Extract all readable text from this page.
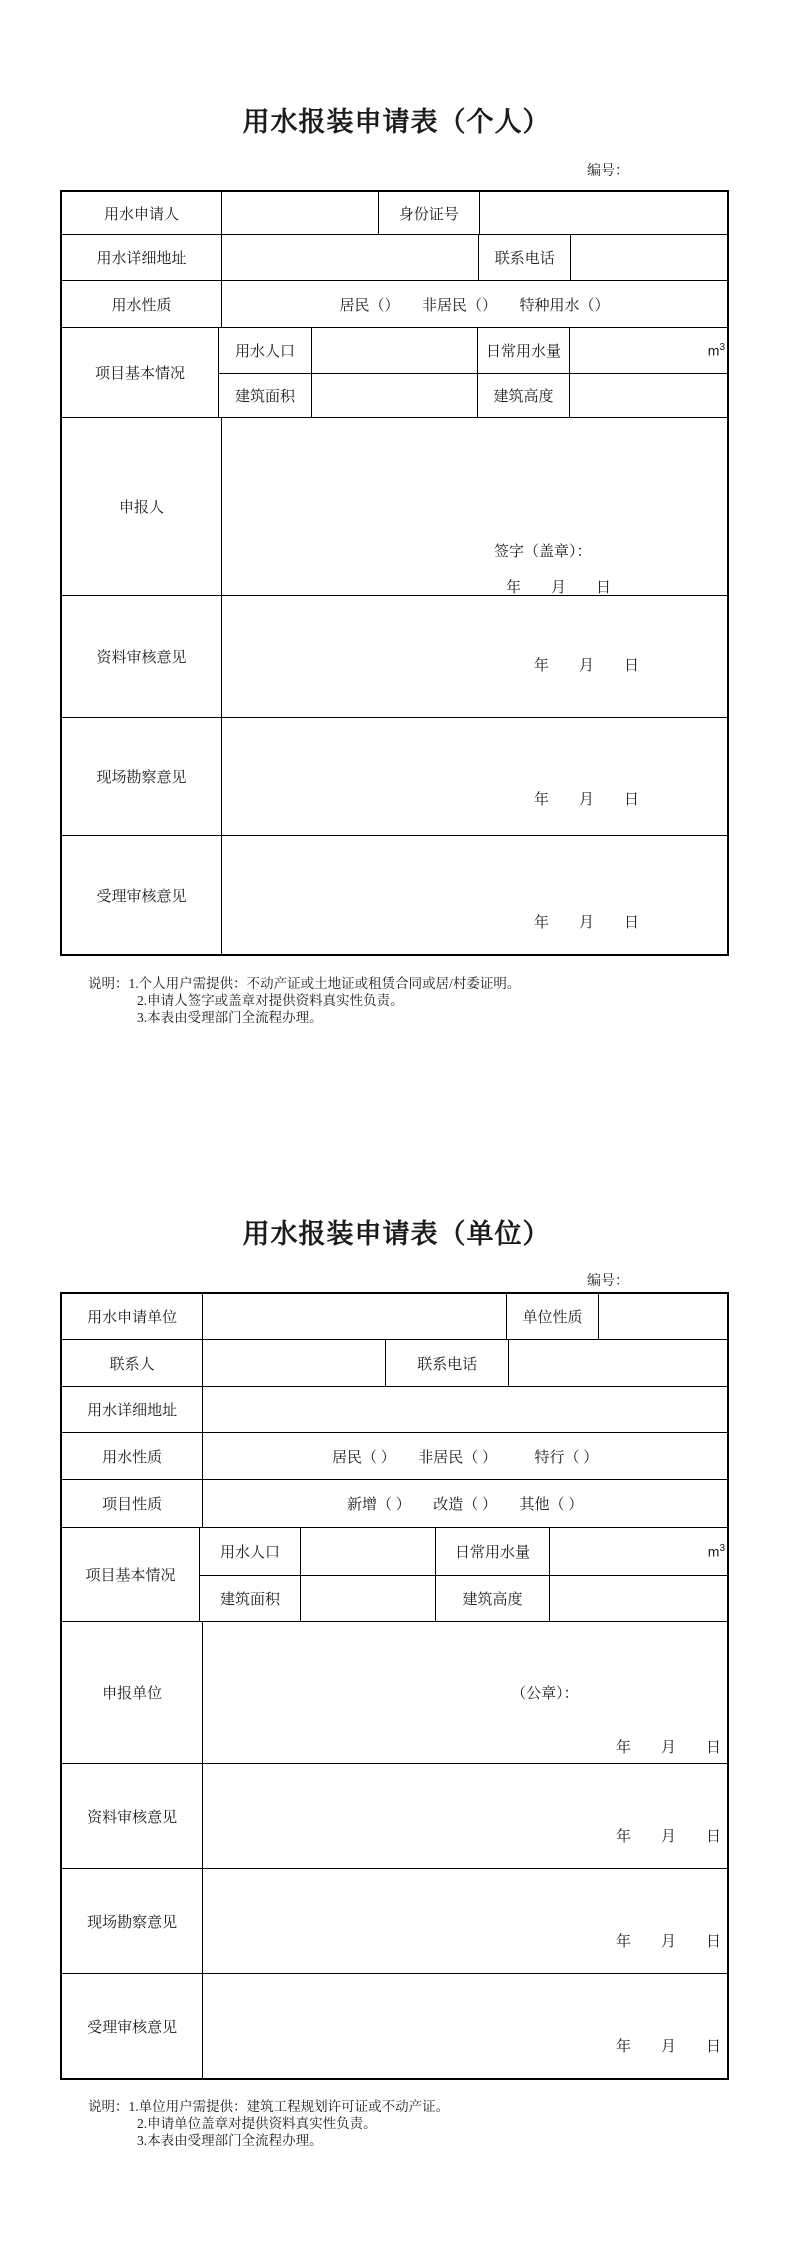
用水报装申请表（个人）
编号：
用水申请人	身份证号
用水详细地址	联系电话
用水性质	居民（）　　非居民（）　　特种用水（）
项目基本情况
用水人口	日常用水量	$m^3$
建筑面积	建筑高度
申报人

签字（盖章）：

年　　月　　日

资料审核意见

	年　　月　　日

现场勘察意见

年　　月　　日

受理审核意见

年　　月　　日

说明：1.个人用户需提供：不动产证或土地证或租赁合同或居/村委证明。

2.申请人签字或盖章对提供资料真实性负责。

3.本表由受理部门全流程办理。

用水报装申请表（单位）
编号：
用水申请单位	单位性质
联系人	联系电话
用水详细地址
用水性质	居民（ ）　　非居民（ ）　　　特行（ ）
项目性质	新增（ ）　　改造（ ）　　其他（ ）
项目基本情况
用水人口	日常用水量	$m^3$
建筑面积	建筑高度
申报单位

	（公章）：

年　　月　　日

资料审核意见

年　　月　　日

现场勘察意见

年　　月　　日

受理审核意见

年　　月　　日

说明：1.单位用户需提供：建筑工程规划许可证或不动产证。

2.申请单位盖章对提供资料真实性负责。

3.本表由受理部门全流程办理。
